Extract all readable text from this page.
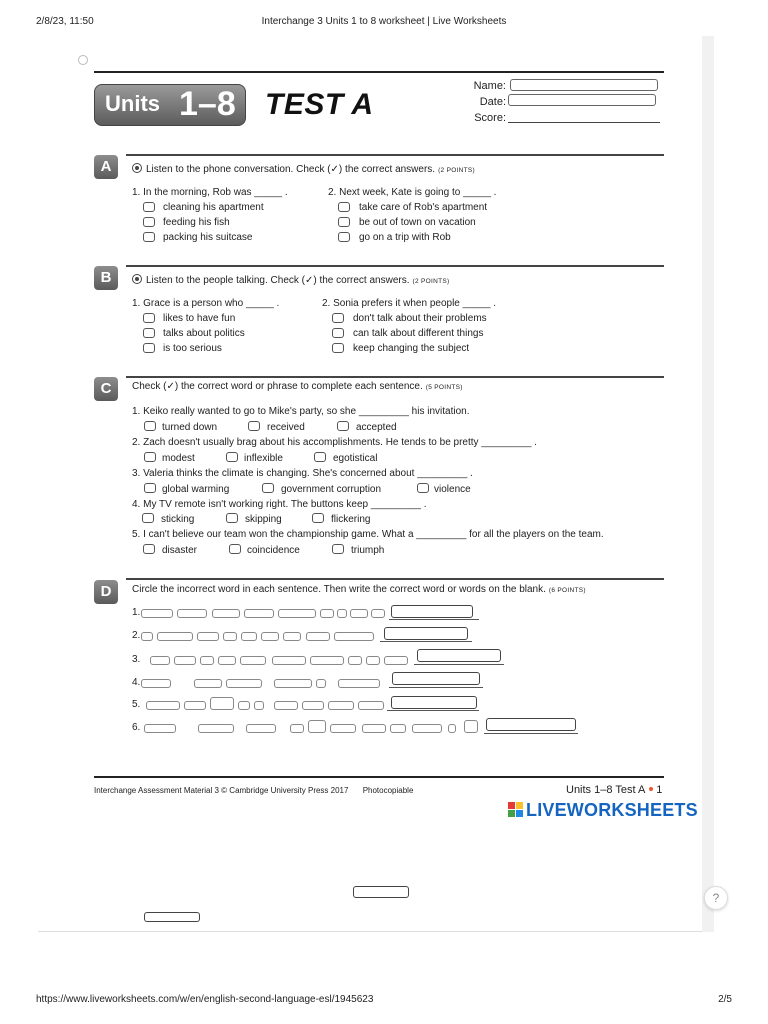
2/8/23, 11:50	Interchange 3 Units 1 to 8 worksheet | Live Worksheets
https://www.liveworksheets.com/w/en/english-second-language-esl/1945623	2/5
Units 1–8 TEST A
Name:
Date:
Score:
A	Listen to the phone conversation. Check (✓) the correct answers. (2 POINTS)
1. In the morning, Rob was _____ .
cleaning his apartment
feeding his fish
packing his suitcase
2. Next week, Kate is going to _____ .
take care of Rob's apartment
be out of town on vacation
go on a trip with Rob
B	Listen to the people talking. Check (✓) the correct answers. (2 POINTS)
1. Grace is a person who _____ .
likes to have fun
talks about politics
is too serious
2. Sonia prefers it when people _____ .
don't talk about their problems
can talk about different things
keep changing the subject
C	Check (✓) the correct word or phrase to complete each sentence. (5 POINTS)
1. Keiko really wanted to go to Mike's party, so she _________ his invitation.
turned down	received	accepted
2. Zach doesn't usually brag about his accomplishments. He tends to be pretty _________ .
modest	inflexible	egotistical
3. Valeria thinks the climate is changing. She's concerned about _________ .
global warming	government corruption	violence
4. My TV remote isn't working right. The buttons keep _________ .
sticking	skipping	flickering
5. I can't believe our team won the championship game. What a _________ for all the players on the team.
disaster	coincidence	triumph
D	Circle the incorrect word in each sentence. Then write the correct word or words on the blank. (6 POINTS)
1.
2.
3.
4.
5.
6.
Interchange Assessment Material 3 © Cambridge University Press 2017 Photocopiable	Units 1–8 Test A 1
LIVEWORKSHEETS
?
